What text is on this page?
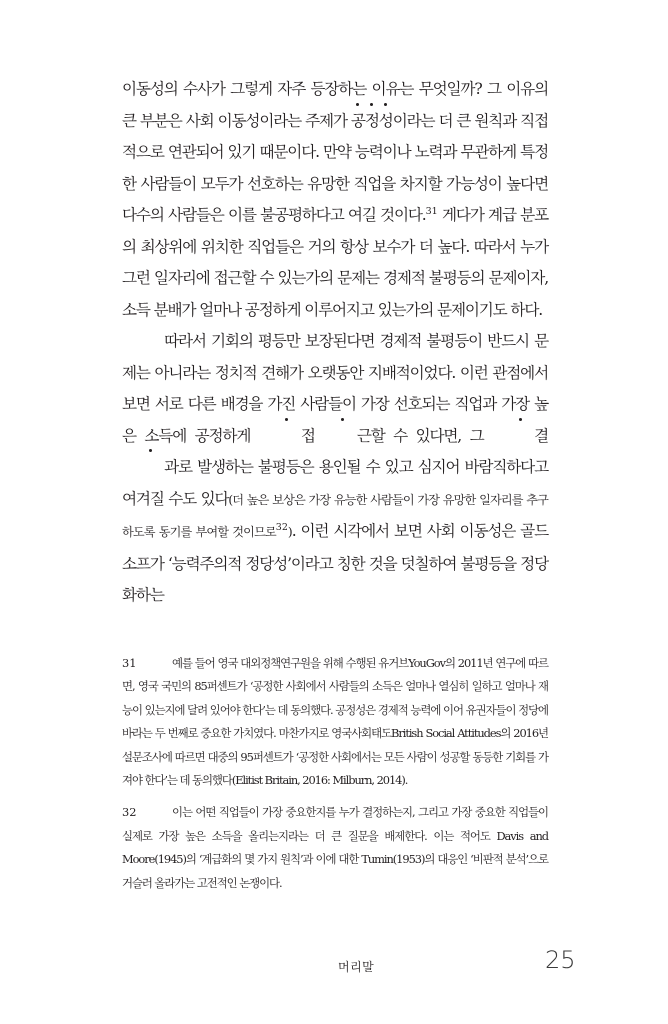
이동성의 수사가 그렇게 자주 등장하는 이유는 무엇일까? 그 이유의 큰 부분은 사회 이동성이라는 주제가 공정성이라는 더 큰 원칙과 직접적으로 연관되어 있기 때문이다. 만약 능력이나 노력과 무관하게 특정한 사람들이 모두가 선호하는 유망한 직업을 차지할 가능성이 높다면 다수의 사람들은 이를 불공평하다고 여길 것이다.$^{31}$ 게다가 계급 분포의 최상위에 위치한 직업들은 거의 항상 보수가 더 높다. 따라서 누가 그런 일자리에 접근할 수 있는가의 문제는 경제적 불평등의 문제이자, 소득 분배가 얼마나 공정하게 이루어지고 있는가의 문제이기도 하다.

따라서 기회의 평등만 보장된다면 경제적 불평등이 반드시 문제는 아니라는 정치적 견해가 오랫동안 지배적이었다. 이런 관점에서 보면 서로 다른 배경을 가진 사람들이 가장 선호되는 직업과 가장 높은 소득에 공정하게	접	근할 수 있다면, 그	결과로 발생하는 불평등은 용인될 수 있고 심지어 바람직하다고 여겨질 수도 있다(더 높은 보상은 가장 유능한 사람들이 가장 유망한 일자리를 추구하도록 동기를 부여할 것이므로$^{32}$). 이런 시각에서 보면 사회 이동성은 골드소프가 ‘능력주의적 정당성’이라고 칭한 것을 덧칠하여 불평등을 정당화하는

31	예를 들어 영국 대외정책연구원을 위해 수행된 유거브YouGov의 2011년 연구에 따르면, 영국 국민의 85퍼센트가 ‘공정한 사회에서 사람들의 소득은 얼마나 열심히 일하고 얼마나 재능이 있는지에 달려 있어야 한다’는 데 동의했다. 공정성은 경제적 능력에 이어 유권자들이 정당에 바라는 두 번째로 중요한 가치였다. 마찬가지로 영국사회태도British Social Attitudes의 2016년 설문조사에 따르면 대중의 95퍼센트가 ‘공정한 사회에서는 모든 사람이 성공할 동등한 기회를 가져야 한다’는 데 동의했다(Elitist Britain, 2016: Milburn, 2014).

32	이는 어떤 직업들이 가장 중요한지를 누가 결정하는지, 그리고 가장 중요한 직업들이 실제로 가장 높은 소득을 올리는지라는 더 큰 질문을 배제한다. 이는 적어도 Davis and Moore(1945)의 ‘계급화의 몇 가지 원칙’과 이에 대한 Tumin(1953)의 대응인 ‘비판적 분석’으로 거슬러 올라가는 고전적인 논쟁이다.

머리말	25
